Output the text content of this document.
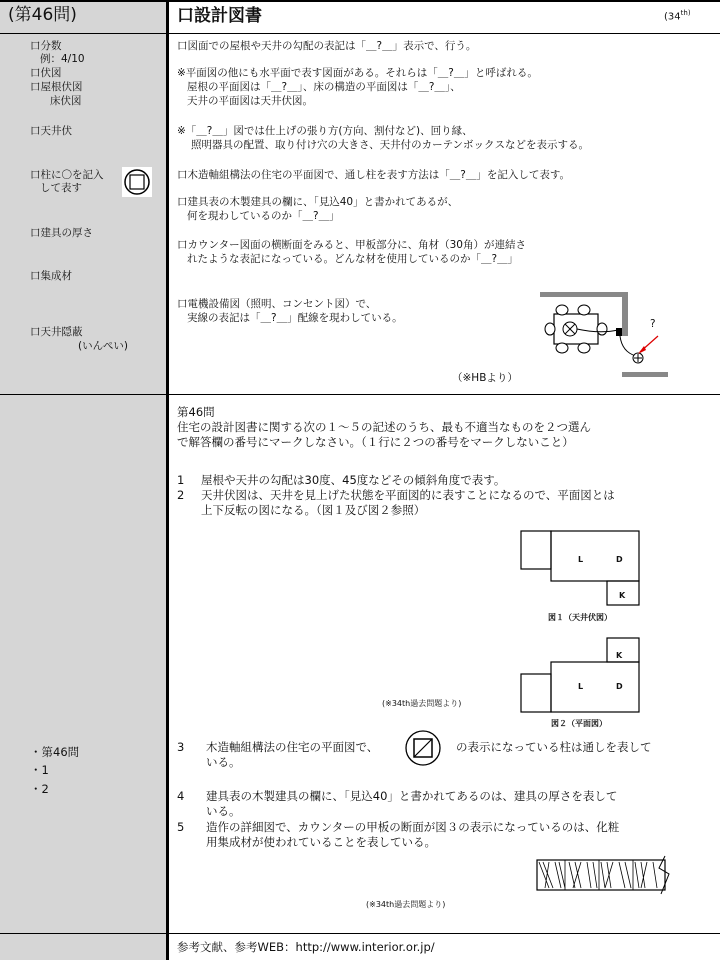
(第46問)	口設計図書	($34^{th)}$
口分数
例：4/10
口伏図
口屋根伏図
床伏図
口天井伏
口柱に〇を記入
して表す
口建具の厚さ
口集成材
口天井隠蔽
(いんぺい)
・第46問
・1
・2
口図面での屋根や天井の勾配の表記は「＿?＿」表示で、行う。
※平面図の他にも水平面で表す図面がある。それらは「＿?＿」と呼ばれる。
屋根の平面図は「＿?＿」、床の構造の平面図は「＿?＿」、
天井の平面図は天井伏図。
※「＿?＿」図では仕上げの張り方(方向、割付など)、回り縁、
照明器具の配置、取り付け穴の大きさ、天井付のカーテンボックスなどを表示する。
口木造軸組構法の住宅の平面図で、通し柱を表す方法は「＿?＿」を記入して表す。
口建具表の木製建具の欄に、「見込40」と書かれてあるが、
何を現わしているのか「＿?＿」
口カウンター図面の横断面をみると、甲板部分に、角材（30角）が連結さ
れたような表記になっている。どんな材を使用しているのか「＿?＿」
口電機設備図（照明、コンセント図）で、
実線の表記は「＿?＿」配線を現わしている。
（※HBより）
?
第46問
住宅の設計図書に関する次の１～５の記述のうち、最も不適当なものを２つ選ん
で解答欄の番号にマークしなさい。（１行に２つの番号をマークしないこと）
1 屋根や天井の勾配は30度、45度などその傾斜角度で表す。
2 天井伏図は、天井を見上げた状態を平面図的に表すことになるので、平面図とは
上下反転の図になる。（図１及び図２参照）
L	D
K
図１（天井伏図）
K
L	D
図２（平面図）
(※34th過去問題より)
3 木造軸組構法の住宅の平面図で、	の表示になっている柱は通しを表して
いる。
4 建具表の木製建具の欄に、「見込40」と書かれてあるのは、建具の厚さを表して
いる。
5 造作の詳細図で、カウンターの甲板の断面が図３の表示になっているのは、化粧
用集成材が使われていることを表している。
(※34th過去問題より)
参考文献、参考WEB：http://www.interior.or.jp/
